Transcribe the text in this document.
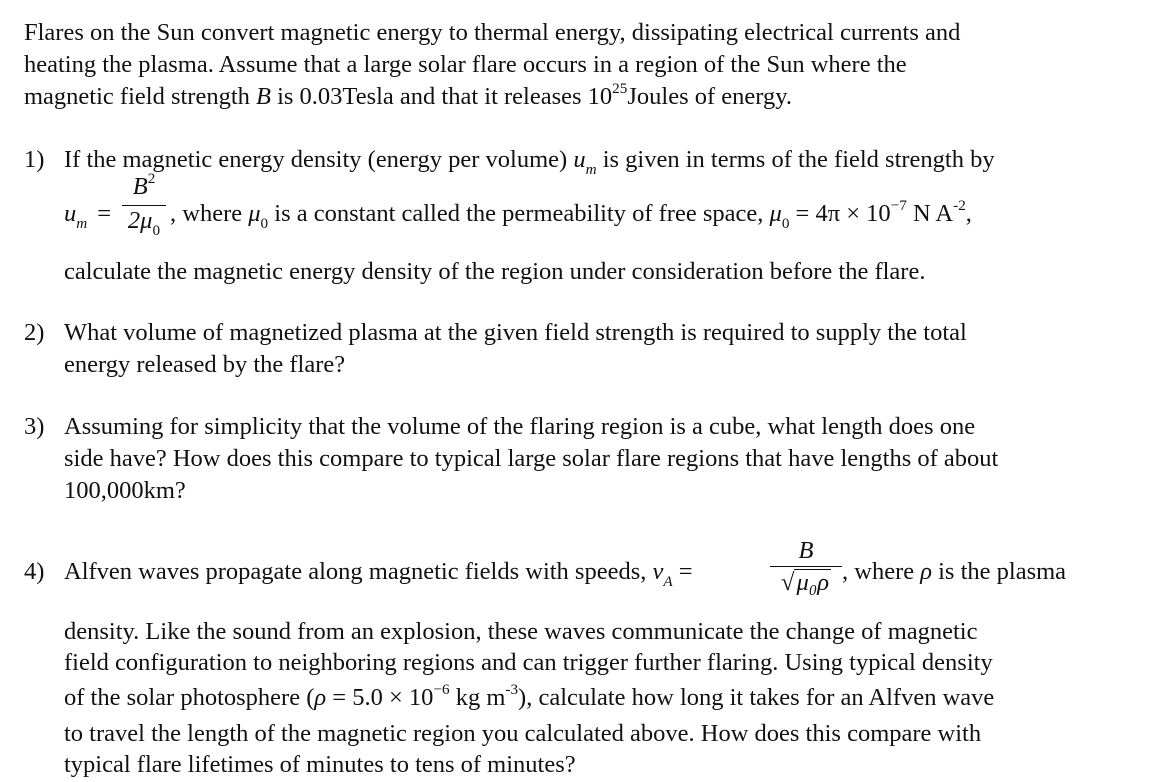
Flares on the Sun convert magnetic energy to thermal energy, dissipating electrical currents and
heating the plasma. Assume that a large solar flare occurs in a region of the Sun where the
magnetic field strength B is 0.03Tesla and that it releases $10^{25}Joules$ of energy.
1) If the magnetic energy density (energy per volume) $u_m$ is given in terms of the field strength by
$u_m$ =
$B^2$
$2\mu_0$
, where $\mu_0$ is a constant called the permeability of free space, $\mu_0 = 4\pi \times 10^{-7}$ N $A^{-2}$,
calculate the magnetic energy density of the region under consideration before the flare.
2) What volume of magnetized plasma at the given field strength is required to supply the total
energy released by the flare?
3) Assuming for simplicity that the volume of the flaring region is a cube, what length does one
side have? How does this compare to typical large solar flare regions that have lengths of about
100,000km?
4) Alfven waves propagate along magnetic fields with speeds, $v_A$ =
B
√μ₀ρ , where ρ is the plasma
density. Like the sound from an explosion, these waves communicate the change of magnetic
field configuration to neighboring regions and can trigger further flaring. Using typical density
of the solar photosphere ($\rho = 5.0 \times 10^{-6}$ kg $m^{-3}$), calculate how long it takes for an Alfven wave
to travel the length of the magnetic region you calculated above. How does this compare with
typical flare lifetimes of minutes to tens of minutes?
